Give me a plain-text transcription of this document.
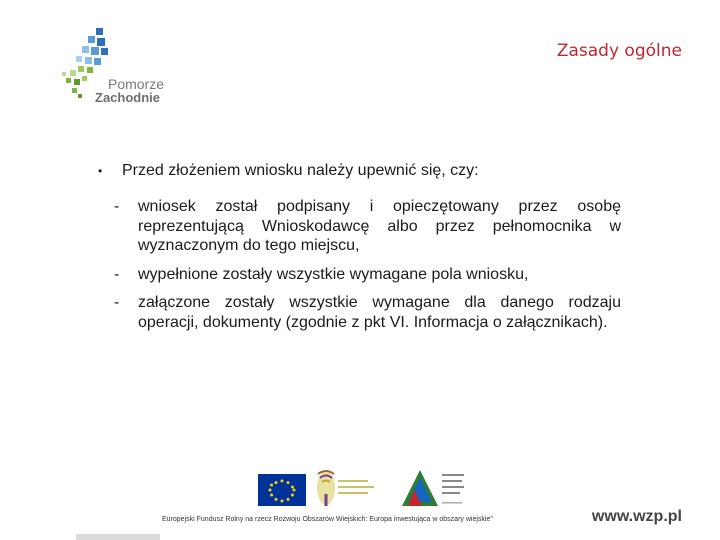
Pomorze
Zachodnie
Zasady ogólne
•	Przed złożeniem wniosku należy upewnić się, czy:
-	wniosek został podpisany i opieczętowany przez osobę reprezentującą Wnioskodawcę albo przez pełnomocnika w wyznaczonym do tego miejscu,
-	wypełnione zostały wszystkie wymagane pola wniosku,
-	załączone zostały wszystkie wymagane dla danego rodzaju operacji, dokumenty (zgodnie z pkt VI. Informacja o załącznikach).
Europejski Fundusz Rolny na rzecz Rozwoju Obszarów Wiejskich: Europa inwestująca w obszary wiejskie"	www.wzp.pl
